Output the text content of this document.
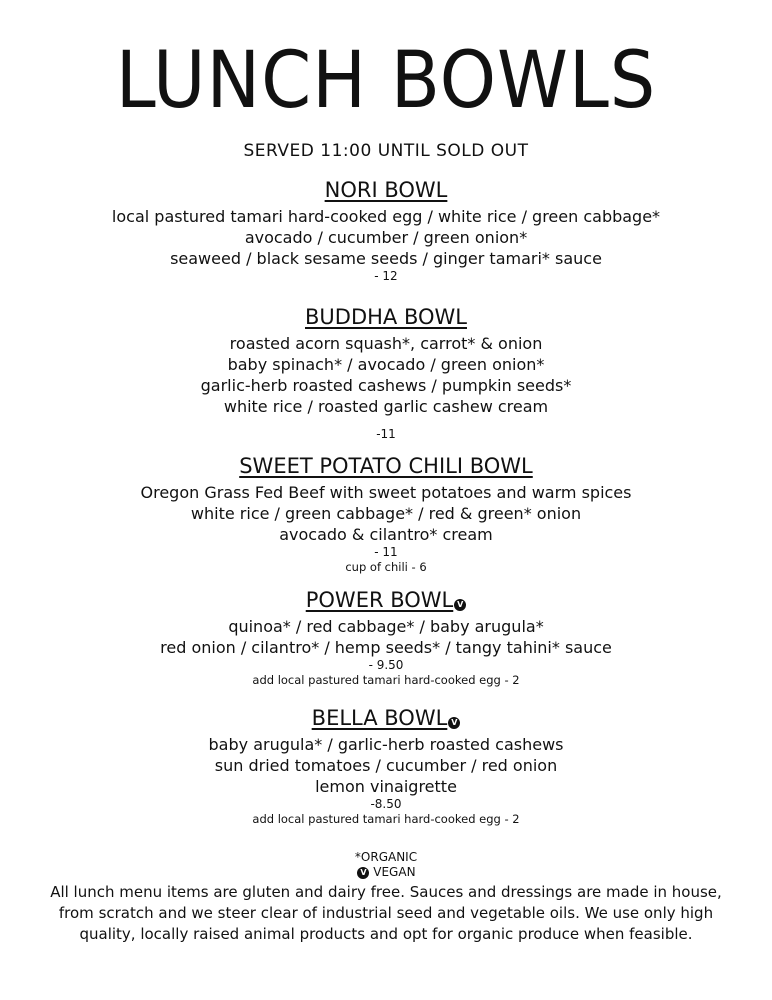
LUNCH BOWLS
SERVED 11:00 UNTIL SOLD OUT
NORI BOWL
local pastured tamari hard-cooked egg / white rice / green cabbage*
avocado / cucumber / green onion*
seaweed / black sesame seeds / ginger tamari* sauce
- 12
BUDDHA BOWL
roasted acorn squash*, carrot* & onion
baby spinach* / avocado / green onion*
garlic-herb roasted cashews / pumpkin seeds*
white rice / roasted garlic cashew cream
-11
SWEET POTATO CHILI BOWL
Oregon Grass Fed Beef with sweet potatoes and warm spices
white rice / green cabbage* / red & green* onion
avocado & cilantro* cream
- 11
cup of chili - 6
POWER BOWL V
quinoa* / red cabbage* / baby arugula*
red onion / cilantro* / hemp seeds* / tangy tahini* sauce
- 9.50
add local pastured tamari hard-cooked egg - 2
BELLA BOWL V
baby arugula* / garlic-herb roasted cashews
sun dried tomatoes / cucumber / red onion
lemon vinaigrette
-8.50
add local pastured tamari hard-cooked egg - 2
*ORGANIC
V VEGAN
All lunch menu items are gluten and dairy free. Sauces and dressings are made in house, from scratch and we steer clear of industrial seed and vegetable oils. We use only high quality, locally raised animal products and opt for organic produce when feasible.
